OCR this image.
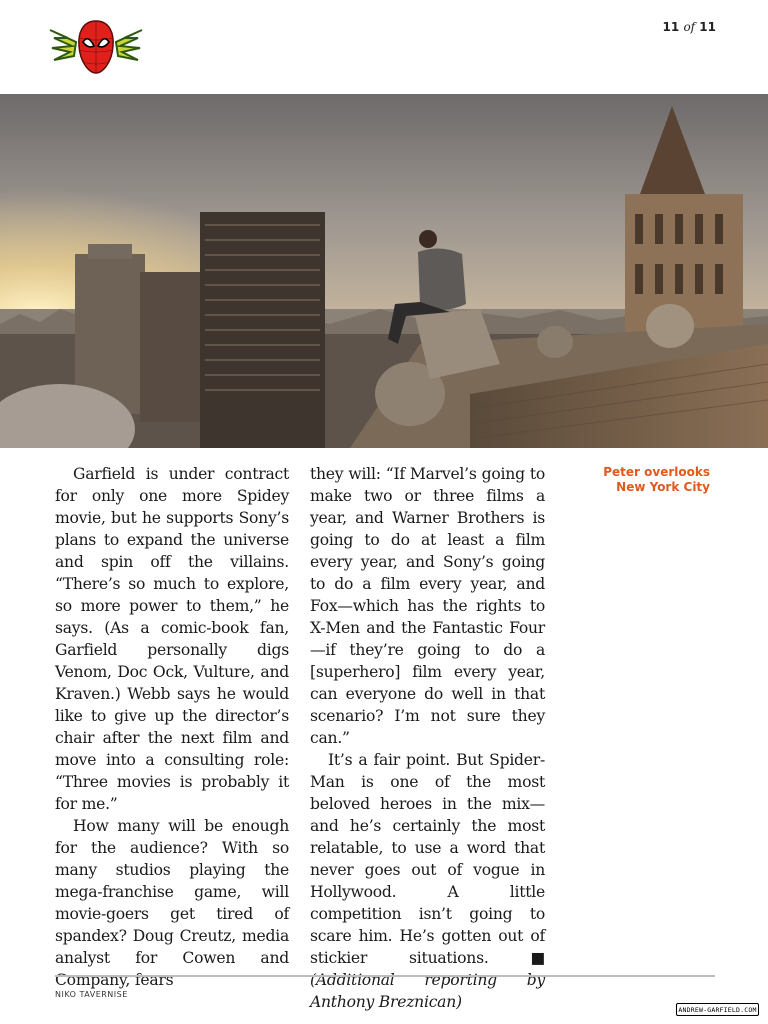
11 of 11

Garfield is under contract for only one more Spidey movie, but he supports Sony’s plans to expand the universe and spin off the villains. “There’s so much to explore, so more power to them,” he says. (As a comic-book fan, Garfield personally digs Venom, Doc Ock, Vulture, and Kraven.) Webb says he would like to give up the director’s chair after the next film and move into a consulting role: “Three movies is probably it for me.”

How many will be enough for the audience? With so many studios playing the mega-franchise game, will movie-goers get tired of spandex? Doug Creutz, media analyst for Cowen and Company, fears

they will: “If Marvel’s going to make two or three films a year, and Warner Brothers is going to do at least a film every year, and Sony’s going to do a film every year, and Fox—which has the rights to X-Men and the Fantastic Four—if they’re going to do a [superhero] film every year, can everyone do well in that scenario? I’m not sure they can.”

It’s a fair point. But Spider-Man is one of the most beloved heroes in the mix—and he’s certainly the most relatable, to use a word that never goes out of vogue in Hollywood. A little competition isn’t going to scare him. He’s gotten out of stickier situations.	■ (Additional reporting by Anthony Breznican)

Peter overlooks
New York City
NIKO TAVERNISE
ANDREW-GARFIELD.COM
